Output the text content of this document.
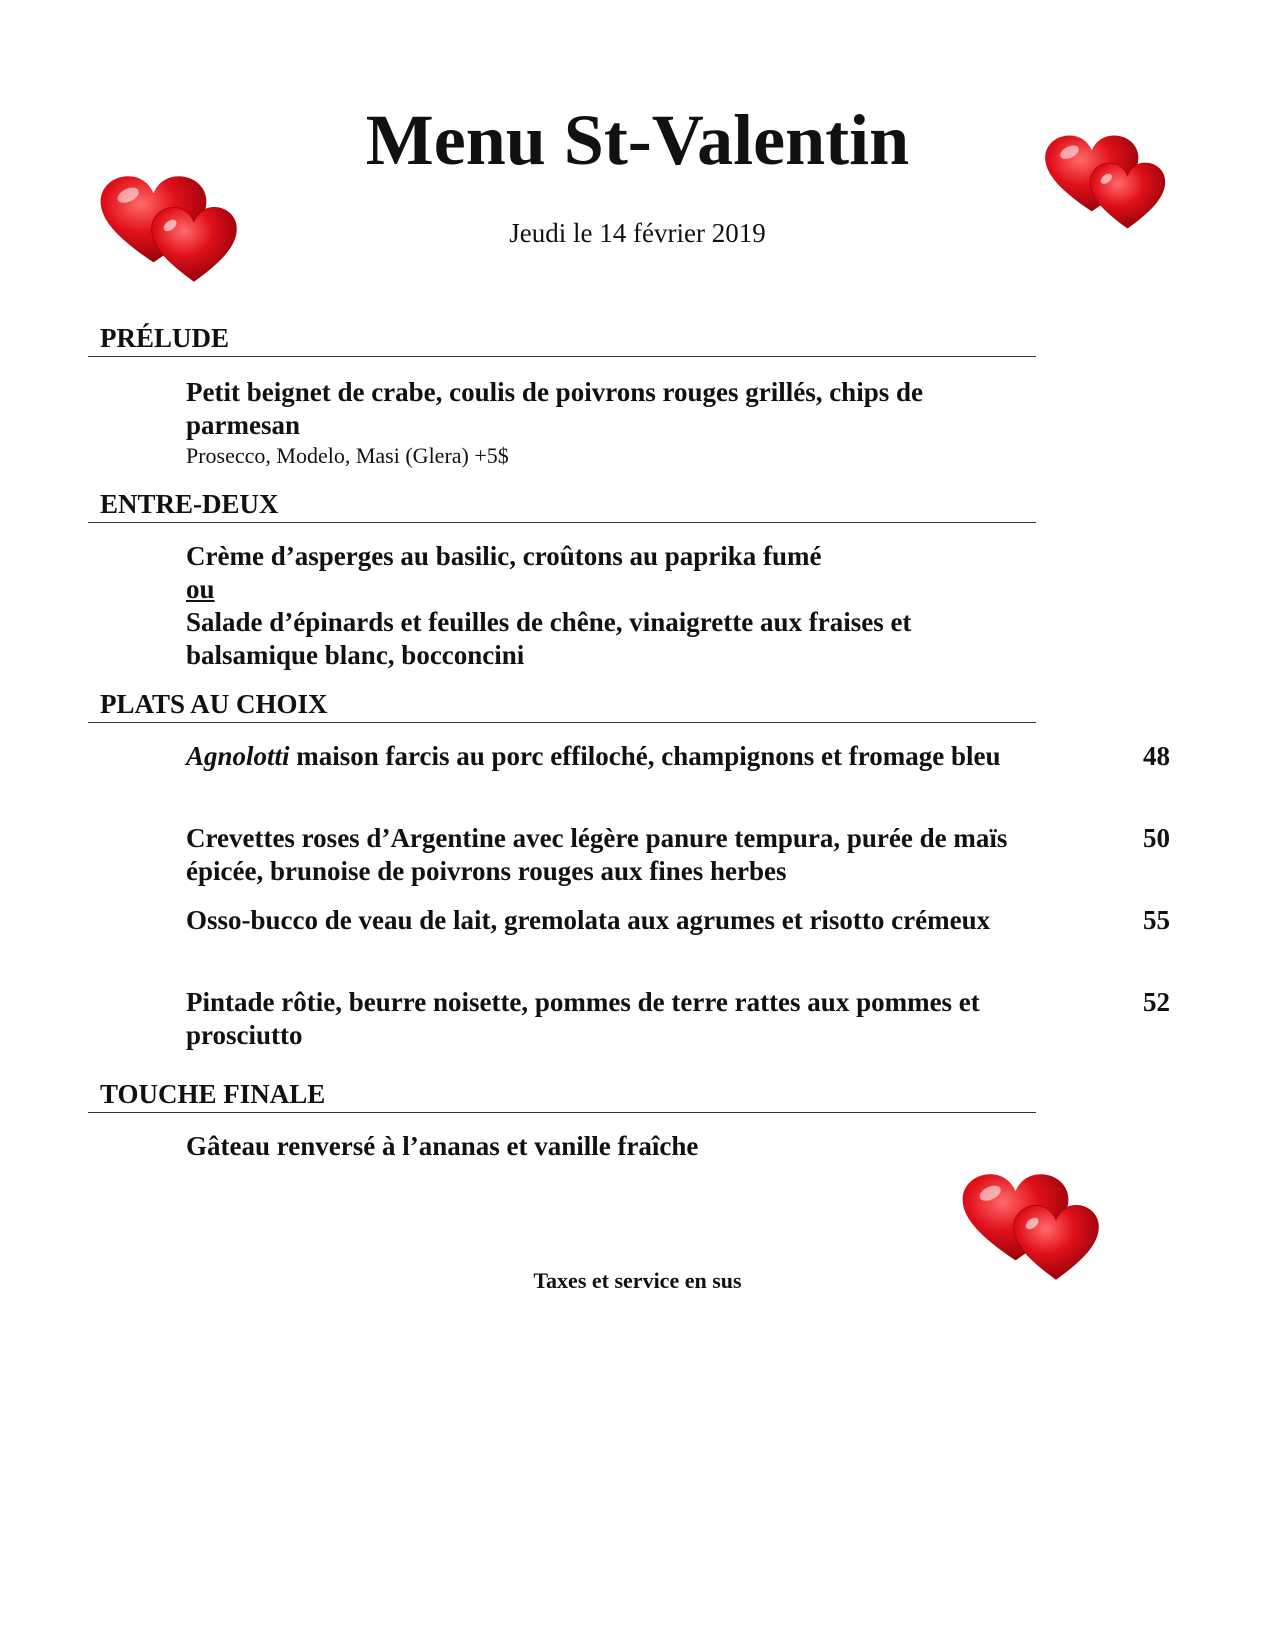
Menu St-Valentin
Jeudi le 14 février 2019
PRÉLUDE
Petit beignet de crabe, coulis de poivrons rouges grillés, chips de parmesan
Prosecco, Modelo, Masi (Glera) +5$
ENTRE-DEUX
Crème d’asperges au basilic, croûtons au paprika fumé
ou
Salade d’épinards et feuilles de chêne, vinaigrette aux fraises et balsamique blanc, bocconcini
PLATS AU CHOIX
Agnolotti maison farcis au porc effiloché, champignons et fromage bleu	48
Crevettes roses d’Argentine avec légère panure tempura, purée de maïs épicée, brunoise de poivrons rouges aux fines herbes
50
Osso-bucco de veau de lait, gremolata aux agrumes et risotto crémeux	55
Pintade rôtie, beurre noisette, pommes de terre rattes aux pommes et prosciutto
52
TOUCHE FINALE
Gâteau renversé à l’ananas et vanille fraîche
Taxes et service en sus
